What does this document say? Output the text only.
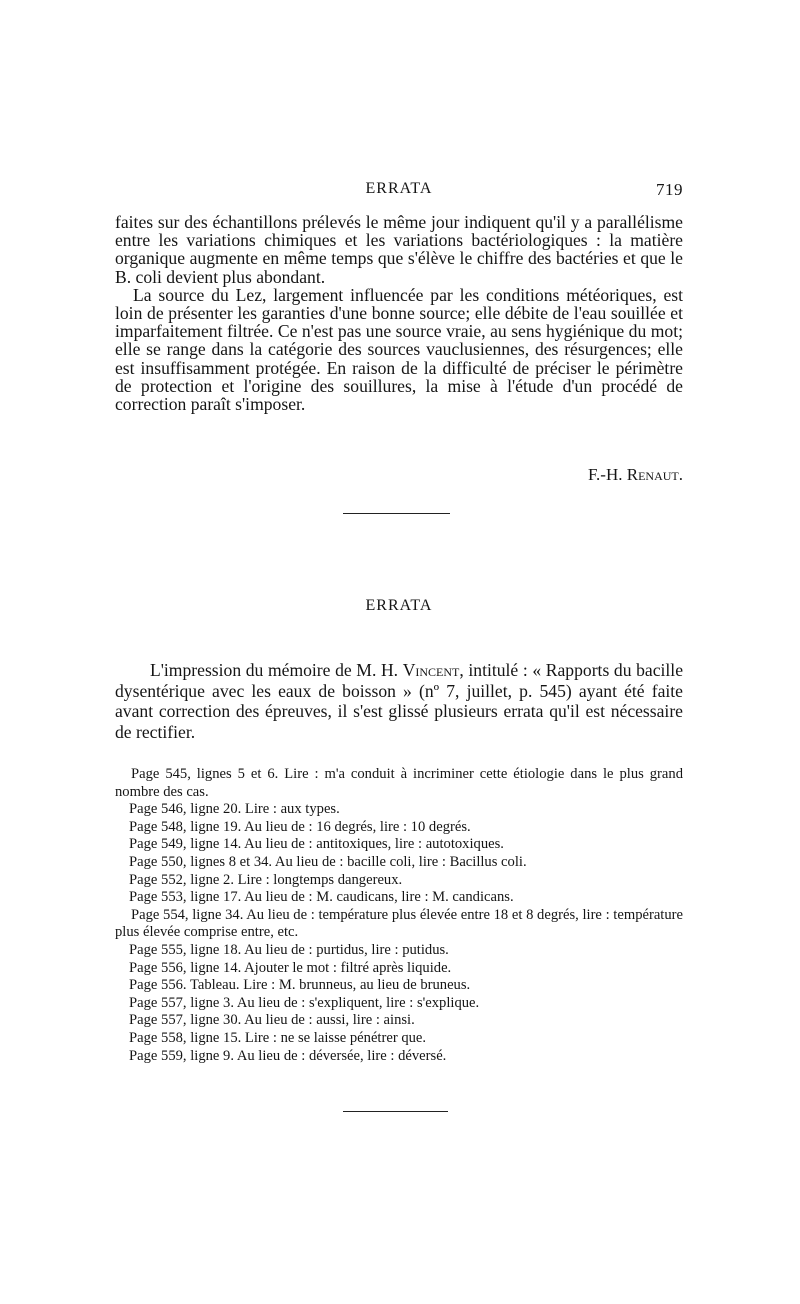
ERRATA	719

faites sur des échantillons prélevés le même jour indiquent qu'il y a parallélisme entre les variations chimiques et les variations bactériologiques : la matière organique augmente en même temps que s'élève le chiffre des bactéries et que le B. coli devient plus abondant.

La source du Lez, largement influencée par les conditions météoriques, est loin de présenter les garanties d'une bonne source; elle débite de l'eau souillée et imparfaitement filtrée. Ce n'est pas une source vraie, au sens hygiénique du mot; elle se range dans la catégorie des sources vauclusiennes, des résurgences; elle est insuffisamment protégée. En raison de la difficulté de préciser le périmètre de protection et l'origine des souillures, la mise à l'étude d'un procédé de correction paraît s'imposer.

F.-H. Renaut.
ERRATA

L'impression du mémoire de M. H. Vincent, intitulé : « Rapports du bacille dysentérique avec les eaux de boisson » (nº 7, juillet, p. 545) ayant été faite avant correction des épreuves, il s'est glissé plusieurs errata qu'il est nécessaire de rectifier.

Page 545, lignes 5 et 6. Lire : m'a conduit à incriminer cette étiologie dans le plus grand nombre des cas.

Page 546, ligne 20. Lire : aux types.

Page 548, ligne 19. Au lieu de : 16 degrés, lire : 10 degrés.

Page 549, ligne 14. Au lieu de : antitoxiques, lire : autotoxiques.

Page 550, lignes 8 et 34. Au lieu de : bacille coli, lire : Bacillus coli.

Page 552, ligne 2. Lire : longtemps dangereux.

Page 553, ligne 17. Au lieu de : M. caudicans, lire : M. candicans.

Page 554, ligne 34. Au lieu de : température plus élevée entre 18 et 8 degrés, lire : température plus élevée comprise entre, etc.

Page 555, ligne 18. Au lieu de : purtidus, lire : putidus.

Page 556, ligne 14. Ajouter le mot : filtré après liquide.

Page 556. Tableau. Lire : M. brunneus, au lieu de bruneus.

Page 557, ligne 3. Au lieu de : s'expliquent, lire : s'explique.

Page 557, ligne 30. Au lieu de : aussi, lire : ainsi.

Page 558, ligne 15. Lire : ne se laisse pénétrer que.

Page 559, ligne 9. Au lieu de : déversée, lire : déversé.
